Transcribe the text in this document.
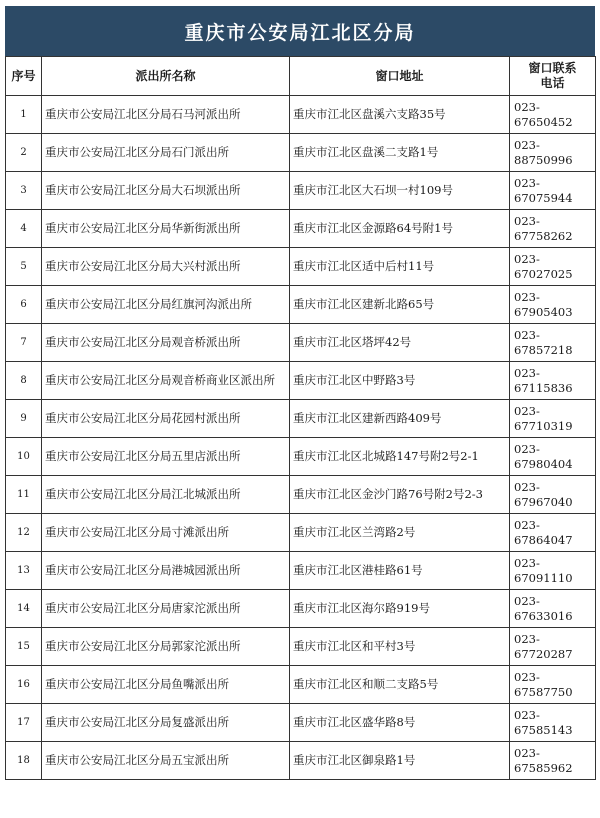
重庆市公安局江北区分局
序号	派出所名称	窗口地址	窗口联系
电话
1	重庆市公安局江北区分局石马河派出所	重庆市江北区盘溪六支路35号	023-67650452
2	重庆市公安局江北区分局石门派出所	重庆市江北区盘溪二支路1号	023-88750996
3	重庆市公安局江北区分局大石坝派出所	重庆市江北区大石坝一村109号	023-67075944
4	重庆市公安局江北区分局华新街派出所	重庆市江北区金源路64号附1号	023-67758262
5	重庆市公安局江北区分局大兴村派出所	重庆市江北区适中后村11号	023-67027025
6	重庆市公安局江北区分局红旗河沟派出所	重庆市江北区建新北路65号	023-67905403
7	重庆市公安局江北区分局观音桥派出所	重庆市江北区塔坪42号	023-67857218
8	重庆市公安局江北区分局观音桥商业区派出所	重庆市江北区中野路3号	023-67115836
9	重庆市公安局江北区分局花园村派出所	重庆市江北区建新西路409号	023-67710319
10	重庆市公安局江北区分局五里店派出所	重庆市江北区北城路147号附2号2-1	023-67980404
11	重庆市公安局江北区分局江北城派出所	重庆市江北区金沙门路76号附2号2-3	023-67967040
12	重庆市公安局江北区分局寸滩派出所	重庆市江北区兰湾路2号	023-67864047
13	重庆市公安局江北区分局港城园派出所	重庆市江北区港桂路61号	023-67091110
14	重庆市公安局江北区分局唐家沱派出所	重庆市江北区海尔路919号	023-67633016
15	重庆市公安局江北区分局郭家沱派出所	重庆市江北区和平村3号	023-67720287
16	重庆市公安局江北区分局鱼嘴派出所	重庆市江北区和顺二支路5号	023-67587750
17	重庆市公安局江北区分局复盛派出所	重庆市江北区盛华路8号	023-67585143
18	重庆市公安局江北区分局五宝派出所	重庆市江北区御泉路1号	023-67585962
